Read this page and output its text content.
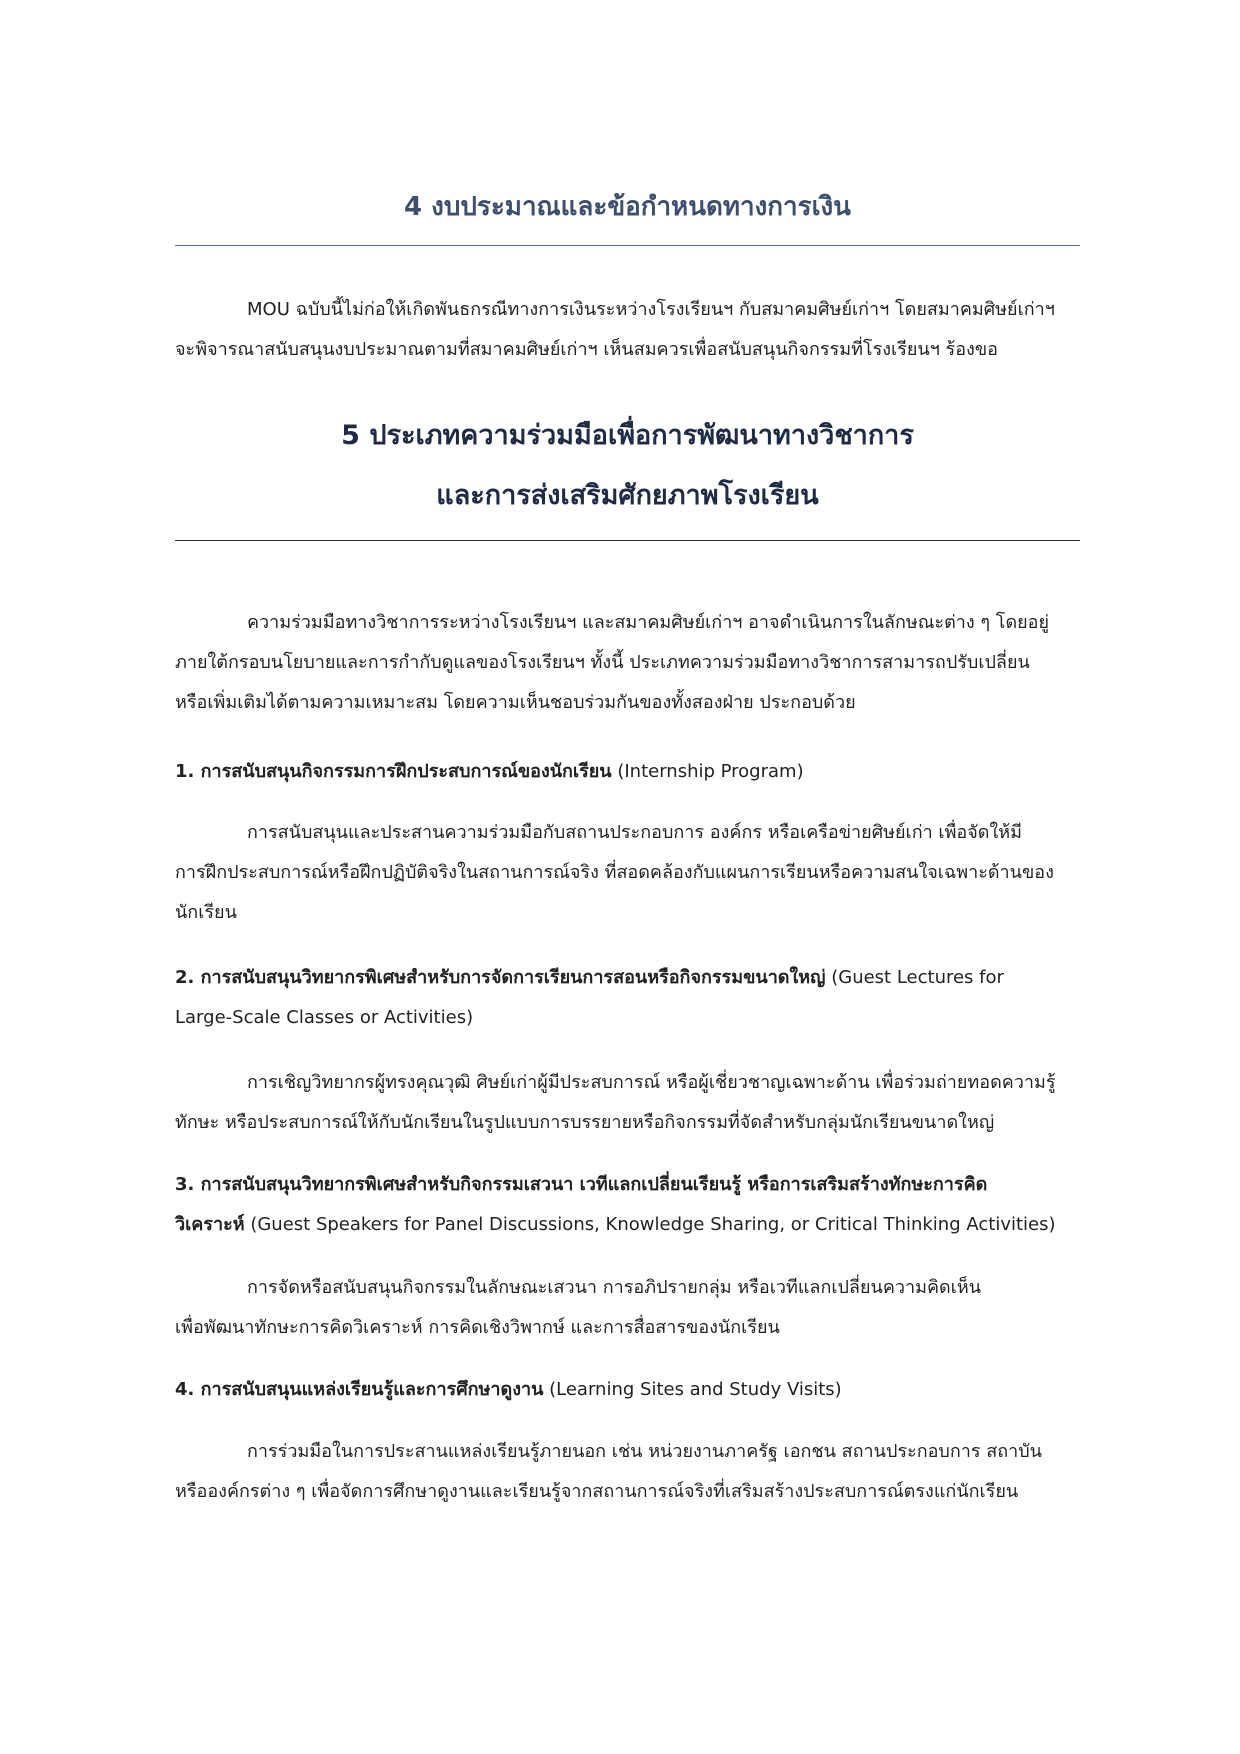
4 งบประมาณและข้อกำหนดทางการเงิน
MOU ฉบับนี้ไม่ก่อให้เกิดพันธกรณีทางการเงินระหว่างโรงเรียนฯ กับสมาคมศิษย์เก่าฯ โดยสมาคมศิษย์เก่าฯ
จะพิจารณาสนับสนุนงบประมาณตามที่สมาคมศิษย์เก่าฯ เห็นสมควรเพื่อสนับสนุนกิจกรรมที่โรงเรียนฯ ร้องขอ
5 ประเภทความร่วมมือเพื่อการพัฒนาทางวิชาการ
และการส่งเสริมศักยภาพโรงเรียน
ความร่วมมือทางวิชาการระหว่างโรงเรียนฯ และสมาคมศิษย์เก่าฯ อาจดำเนินการในลักษณะต่าง ๆ โดยอยู่
ภายใต้กรอบนโยบายและการกำกับดูแลของโรงเรียนฯ ทั้งนี้ ประเภทความร่วมมือทางวิชาการสามารถปรับเปลี่ยน
หรือเพิ่มเติมได้ตามความเหมาะสม โดยความเห็นชอบร่วมกันของทั้งสองฝ่าย ประกอบด้วย
1. การสนับสนุนกิจกรรมการฝึกประสบการณ์ของนักเรียน (Internship Program)
การสนับสนุนและประสานความร่วมมือกับสถานประกอบการ องค์กร หรือเครือข่ายศิษย์เก่า เพื่อจัดให้มี
การฝึกประสบการณ์หรือฝึกปฏิบัติจริงในสถานการณ์จริง ที่สอดคล้องกับแผนการเรียนหรือความสนใจเฉพาะด้านของ
นักเรียน
2. การสนับสนุนวิทยากรพิเศษสำหรับการจัดการเรียนการสอนหรือกิจกรรมขนาดใหญ่ (Guest Lectures for
Large-Scale Classes or Activities)
การเชิญวิทยากรผู้ทรงคุณวุฒิ ศิษย์เก่าผู้มีประสบการณ์ หรือผู้เชี่ยวชาญเฉพาะด้าน เพื่อร่วมถ่ายทอดความรู้
ทักษะ หรือประสบการณ์ให้กับนักเรียนในรูปแบบการบรรยายหรือกิจกรรมที่จัดสำหรับกลุ่มนักเรียนขนาดใหญ่
3. การสนับสนุนวิทยากรพิเศษสำหรับกิจกรรมเสวนา เวทีแลกเปลี่ยนเรียนรู้ หรือการเสริมสร้างทักษะการคิด
วิเคราะห์ (Guest Speakers for Panel Discussions, Knowledge Sharing, or Critical Thinking Activities)
การจัดหรือสนับสนุนกิจกรรมในลักษณะเสวนา การอภิปรายกลุ่ม หรือเวทีแลกเปลี่ยนความคิดเห็น
เพื่อพัฒนาทักษะการคิดวิเคราะห์ การคิดเชิงวิพากษ์ และการสื่อสารของนักเรียน
4. การสนับสนุนแหล่งเรียนรู้และการศึกษาดูงาน (Learning Sites and Study Visits)
การร่วมมือในการประสานแหล่งเรียนรู้ภายนอก เช่น หน่วยงานภาครัฐ เอกชน สถานประกอบการ สถาบัน
หรือองค์กรต่าง ๆ เพื่อจัดการศึกษาดูงานและเรียนรู้จากสถานการณ์จริงที่เสริมสร้างประสบการณ์ตรงแก่นักเรียน
